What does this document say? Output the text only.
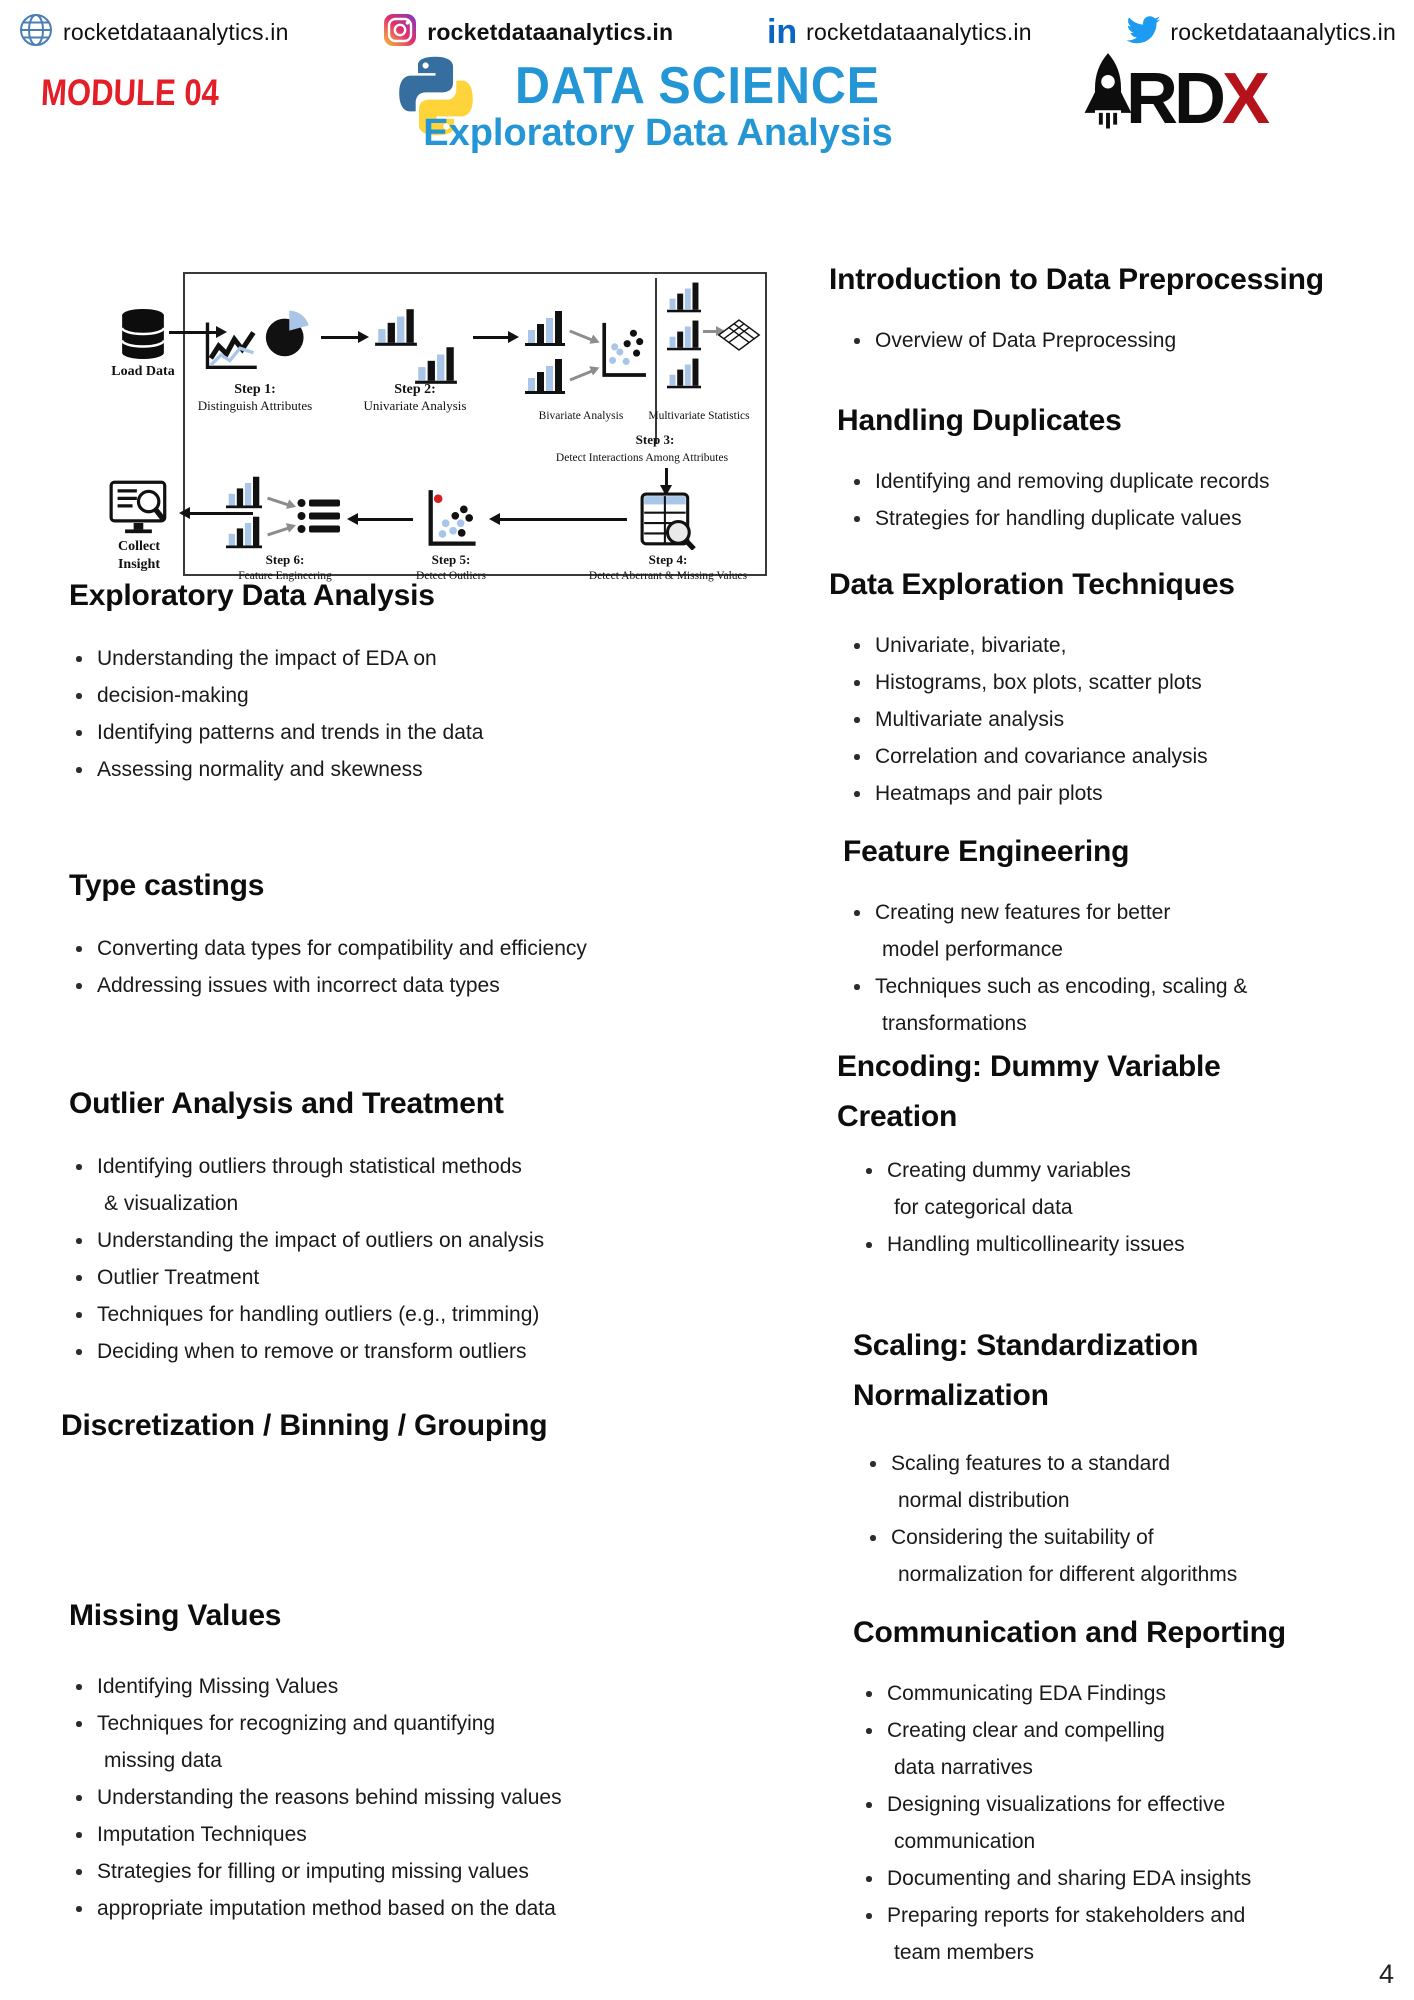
rocketdataanalytics.in	rocketdataanalytics.in	in rocketdataanalytics.in	rocketdataanalytics.in
MODULE 04	DATA SCIENCE
Exploratory Data Analysis	RDX
Load Data
Step 1:
Distinguish Attributes
Step 2:
Univariate Analysis
Bivariate Analysis	Multivariate Statistics
Step 3:
Detect Interactions Among Attributes
Step 4:
Detect Aberrant & Missing Values
Step 5:
Detect Outliers
Step 6:
Feature Engineering
Collect Insight
Exploratory Data Analysis
Understanding the impact of EDA on
decision-making
Identifying patterns and trends in the data
Assessing normality and skewness
Type castings
Converting data types for compatibility and efficiency
Addressing issues with incorrect data types
Outlier Analysis and Treatment
Identifying outliers through statistical methods
& visualization
Understanding the impact of outliers on analysis
Outlier Treatment
Techniques for handling outliers (e.g., trimming)
Deciding when to remove or transform outliers
Discretization / Binning / Grouping
Missing Values
Identifying Missing Values
Techniques for recognizing and quantifying
missing data
Understanding the reasons behind missing values
Imputation Techniques
Strategies for filling or imputing missing values
appropriate imputation method based on the data
Introduction to Data Preprocessing
Overview of Data Preprocessing
Handling Duplicates
Identifying and removing duplicate records
Strategies for handling duplicate values
Data Exploration Techniques
Univariate, bivariate,
Histograms, box plots, scatter plots
Multivariate analysis
Correlation and covariance analysis
Heatmaps and pair plots
Feature Engineering
Creating new features for better
model performance
Techniques such as encoding, scaling &
transformations
Encoding: Dummy Variable
Creation
Creating dummy variables
for categorical data
Handling multicollinearity issues
Scaling: Standardization
Normalization
Scaling features to a standard
normal distribution
Considering the suitability of
normalization for different algorithms
Communication and Reporting
Communicating EDA Findings
Creating clear and compelling
data narratives
Designing visualizations for effective
communication
Documenting and sharing EDA insights
Preparing reports for stakeholders and
team members
4
